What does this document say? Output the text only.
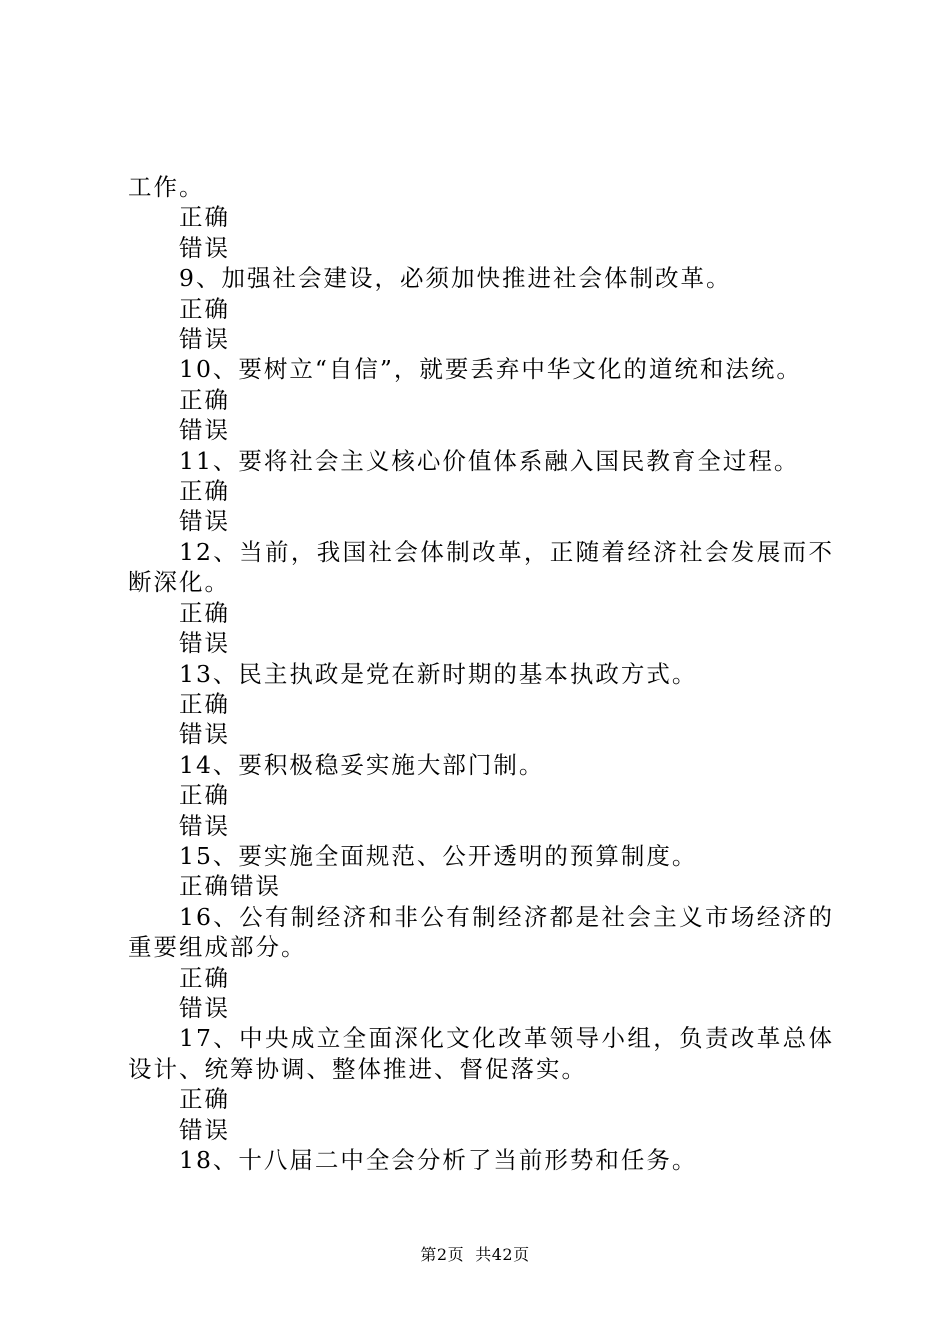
工作。

正确

错误

9、加强社会建设，必须加快推进社会体制改革。

正确

错误

10、要树立“自信”，就要丢弃中华文化的道统和法统。

正确

错误

11、要将社会主义核心价值体系融入国民教育全过程。

正确

错误

12、当前，我国社会体制改革，正随着经济社会发展而不断深化。

正确

错误

13、民主执政是党在新时期的基本执政方式。

正确

错误

14、要积极稳妥实施大部门制。

正确

错误

15、要实施全面规范、公开透明的预算制度。

正确错误

16、公有制经济和非公有制经济都是社会主义市场经济的重要组成部分。

正确

错误

17、中央成立全面深化文化改革领导小组，负责改革总体设计、统筹协调、整体推进、督促落实。

正确

错误

18、十八届二中全会分析了当前形势和任务。

第2页  共42页
